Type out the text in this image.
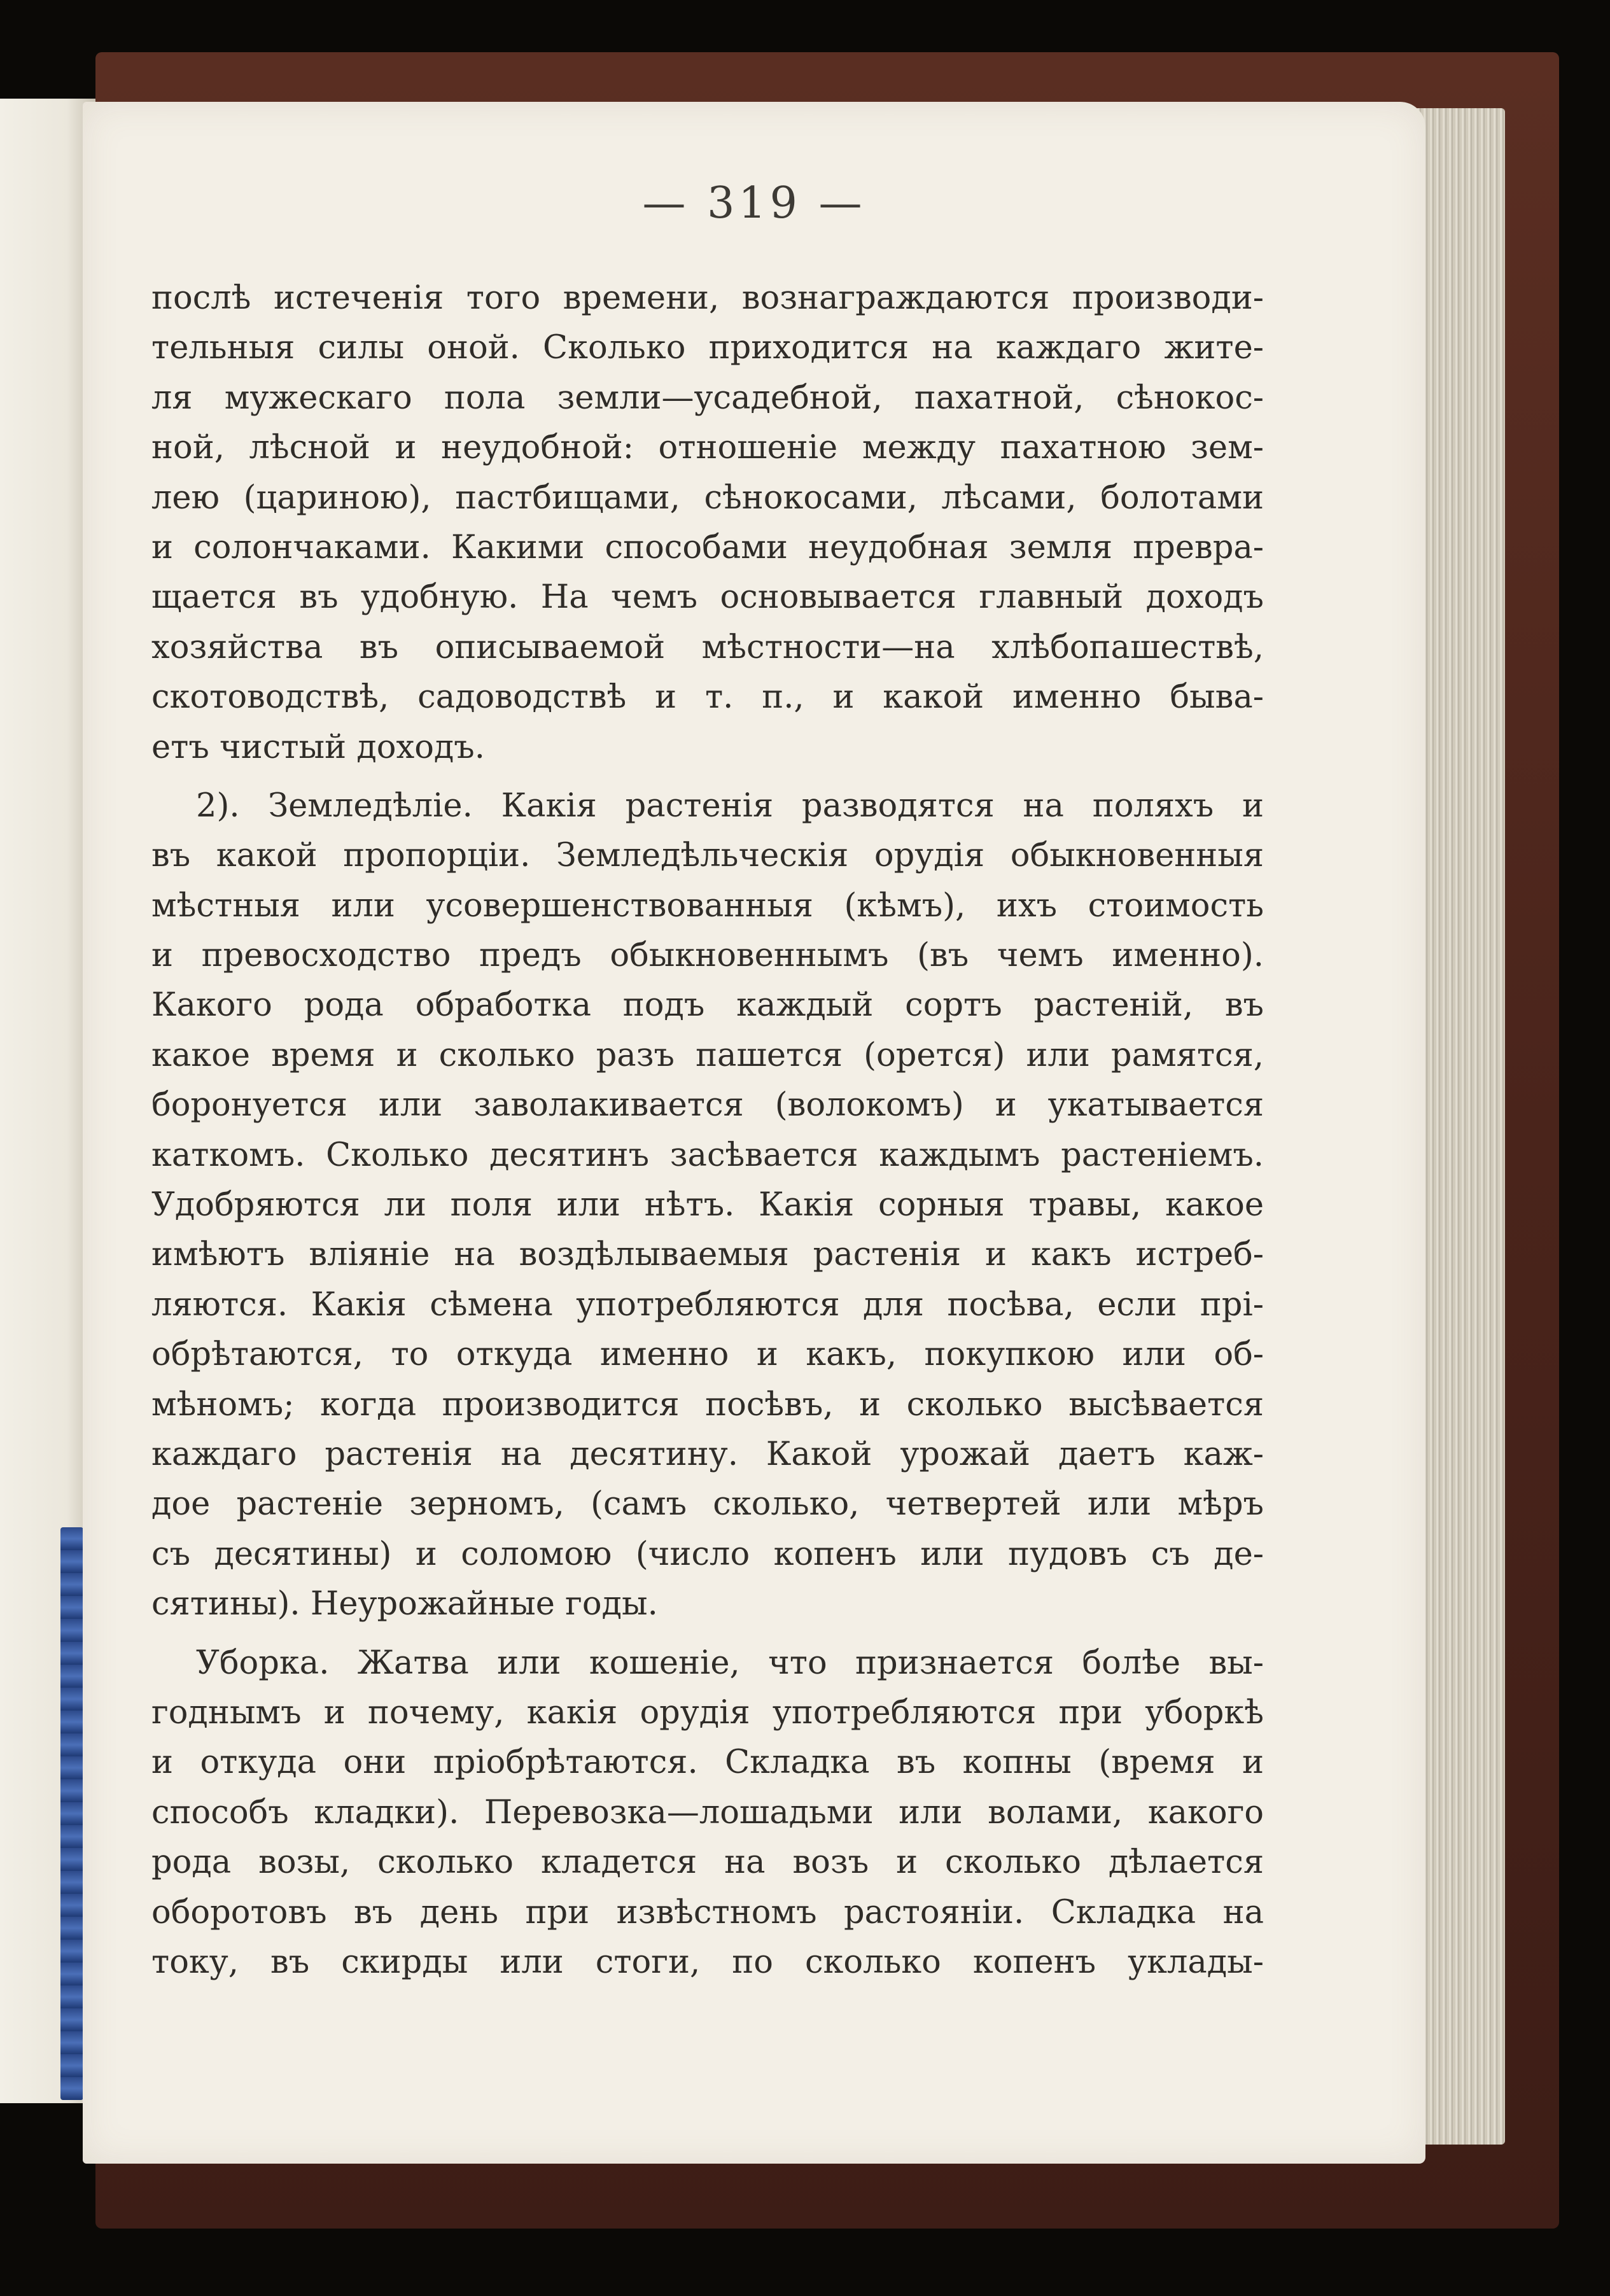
— 319 —
послѣ истеченія того времени, вознаграждаются производи-
тельныя силы оной. Сколько приходится на каждаго жите-
ля мужескаго пола земли—усадебной, пахатной, сѣнокос-
ной, лѣсной и неудобной: отношеніе между пахатною зем-
лею (цариною), пастбищами, сѣнокосами, лѣсами, болотами
и солончаками. Какими способами неудобная земля превра-
щается въ удобную. На чемъ основывается главный доходъ
хозяйства въ описываемой мѣстности—на хлѣбопашествѣ,
скотоводствѣ, садоводствѣ и т. п., и какой именно быва-
етъ чистый доходъ.
2). Земледѣліе. Какія растенія разводятся на поляхъ и
въ какой пропорціи. Земледѣльческія орудія обыкновенныя
мѣстныя или усовершенствованныя (кѣмъ), ихъ стоимость
и превосходство предъ обыкновеннымъ (въ чемъ именно).
Какого рода обработка подъ каждый сортъ растеній, въ
какое время и сколько разъ пашется (орется) или рамятся,
боронуется или заволакивается (волокомъ) и укатывается
каткомъ. Сколько десятинъ засѣвается каждымъ растеніемъ.
Удобряются ли поля или нѣтъ. Какія сорныя травы, какое
имѣютъ вліяніе на воздѣлываемыя растенія и какъ истреб-
ляются. Какія сѣмена употребляются для посѣва, если прі-
обрѣтаются, то откуда именно и какъ, покупкою или об-
мѣномъ; когда производится посѣвъ, и сколько высѣвается
каждаго растенія на десятину. Какой урожай даетъ каж-
дое растеніе зерномъ, (самъ сколько, четвертей или мѣръ
съ десятины) и соломою (число копенъ или пудовъ съ де-
сятины). Неурожайные годы.
Уборка. Жатва или кошеніе, что признается болѣе вы-
годнымъ и почему, какія орудія употребляются при уборкѣ
и откуда они пріобрѣтаются. Складка въ копны (время и
способъ кладки). Перевозка—лошадьми или волами, какого
рода возы, сколько кладется на возъ и сколько дѣлается
оборотовъ въ день при извѣстномъ растояніи. Складка на
току, въ скирды или стоги, по сколько копенъ уклады-
